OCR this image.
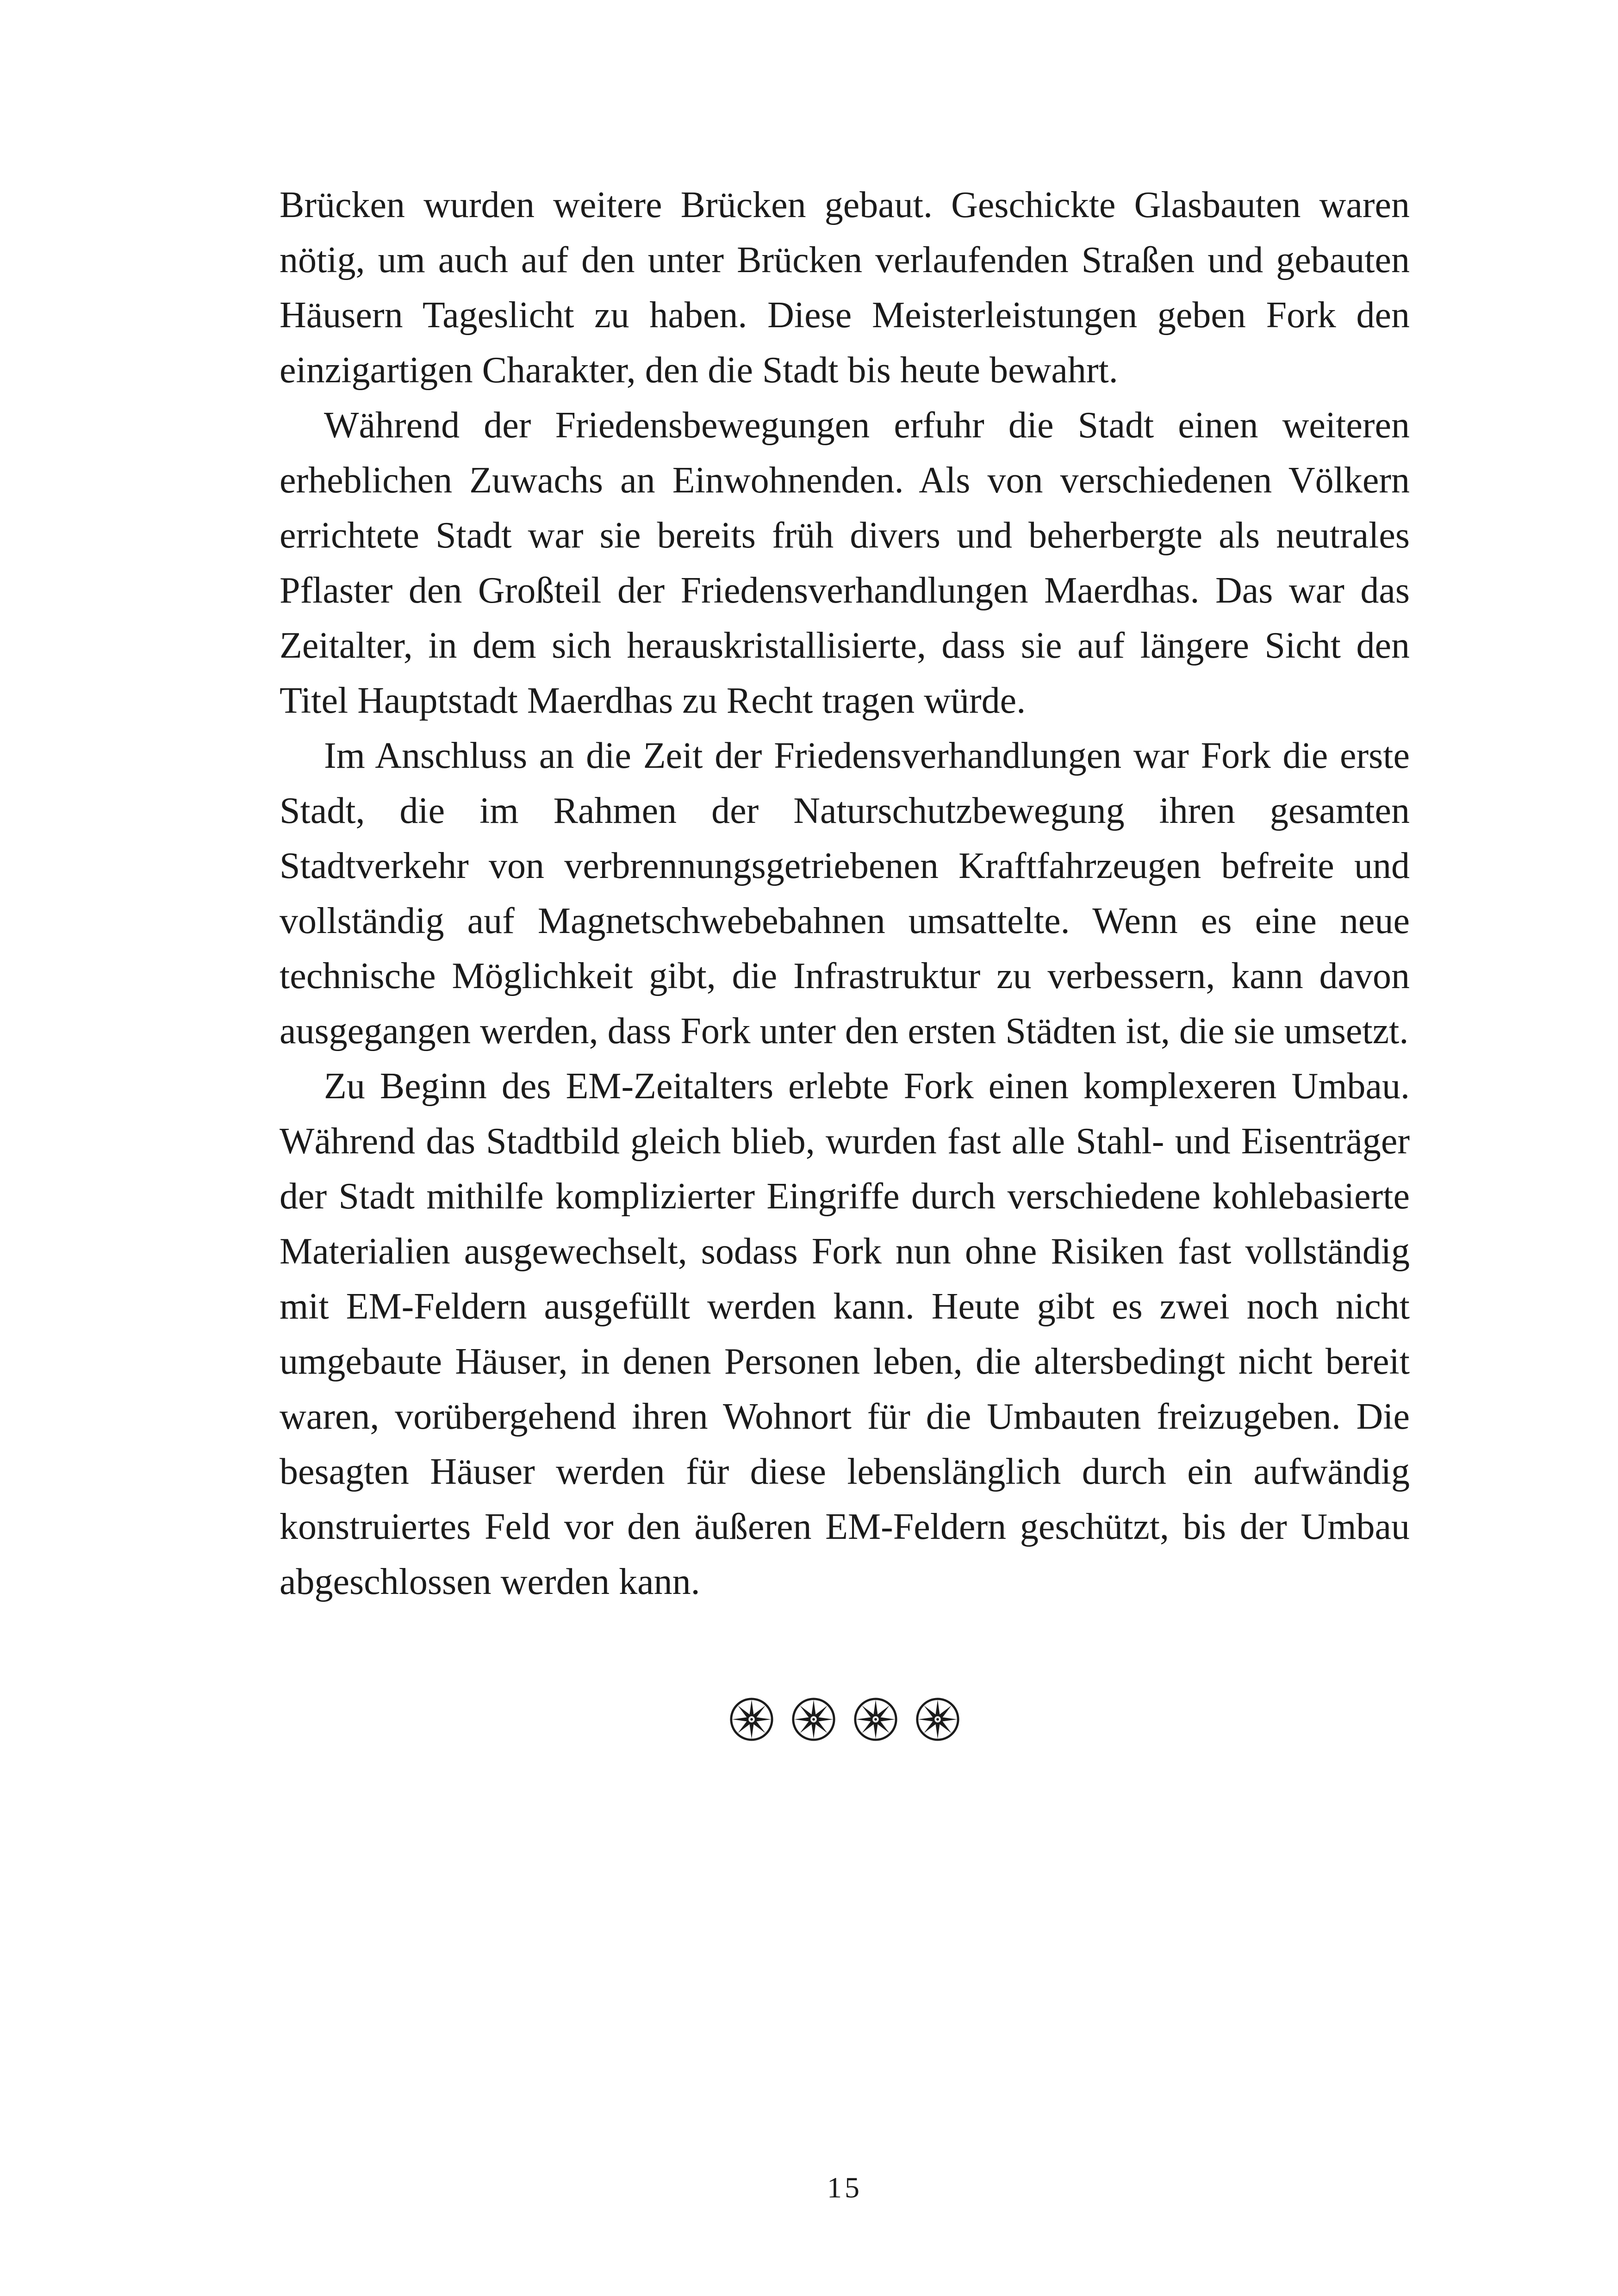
Brücken wurden weitere Brücken gebaut. Geschickte Glasbauten waren nötig, um auch auf den unter Brücken verlaufenden Straßen und gebauten Häusern Tageslicht zu haben. Diese Meisterleistungen geben Fork den einzigartigen Charakter, den die Stadt bis heute bewahrt.

Während der Friedensbewegungen erfuhr die Stadt einen weiteren erheblichen Zuwachs an Einwohnenden. Als von verschiedenen Völkern errichtete Stadt war sie bereits früh divers und beherbergte als neutrales Pflaster den Großteil der Friedensverhandlungen Maerdhas. Das war das Zeitalter, in dem sich herauskristallisierte, dass sie auf längere Sicht den Titel Hauptstadt Maerdhas zu Recht tragen würde.

Im Anschluss an die Zeit der Friedensverhandlungen war Fork die erste Stadt, die im Rahmen der Naturschutzbewegung ihren gesamten Stadtverkehr von verbrennungsgetriebenen Kraftfahrzeugen befreite und vollständig auf Magnetschwebebahnen umsattelte. Wenn es eine neue technische Möglichkeit gibt, die Infrastruktur zu verbessern, kann davon ausgegangen werden, dass Fork unter den ersten Städten ist, die sie umsetzt.

Zu Beginn des EM-Zeitalters erlebte Fork einen komplexeren Umbau. Während das Stadtbild gleich blieb, wurden fast alle Stahl- und Eisenträger der Stadt mithilfe komplizierter Eingriffe durch verschiedene kohlebasierte Materialien ausgewechselt, sodass Fork nun ohne Risiken fast vollständig mit EM-Feldern ausgefüllt werden kann. Heute gibt es zwei noch nicht umgebaute Häuser, in denen Personen leben, die altersbedingt nicht bereit waren, vorübergehend ihren Wohnort für die Umbauten freizugeben. Die besagten Häuser werden für diese lebenslänglich durch ein aufwändig konstruiertes Feld vor den äußeren EM-Feldern geschützt, bis der Umbau abgeschlossen werden kann.

15
